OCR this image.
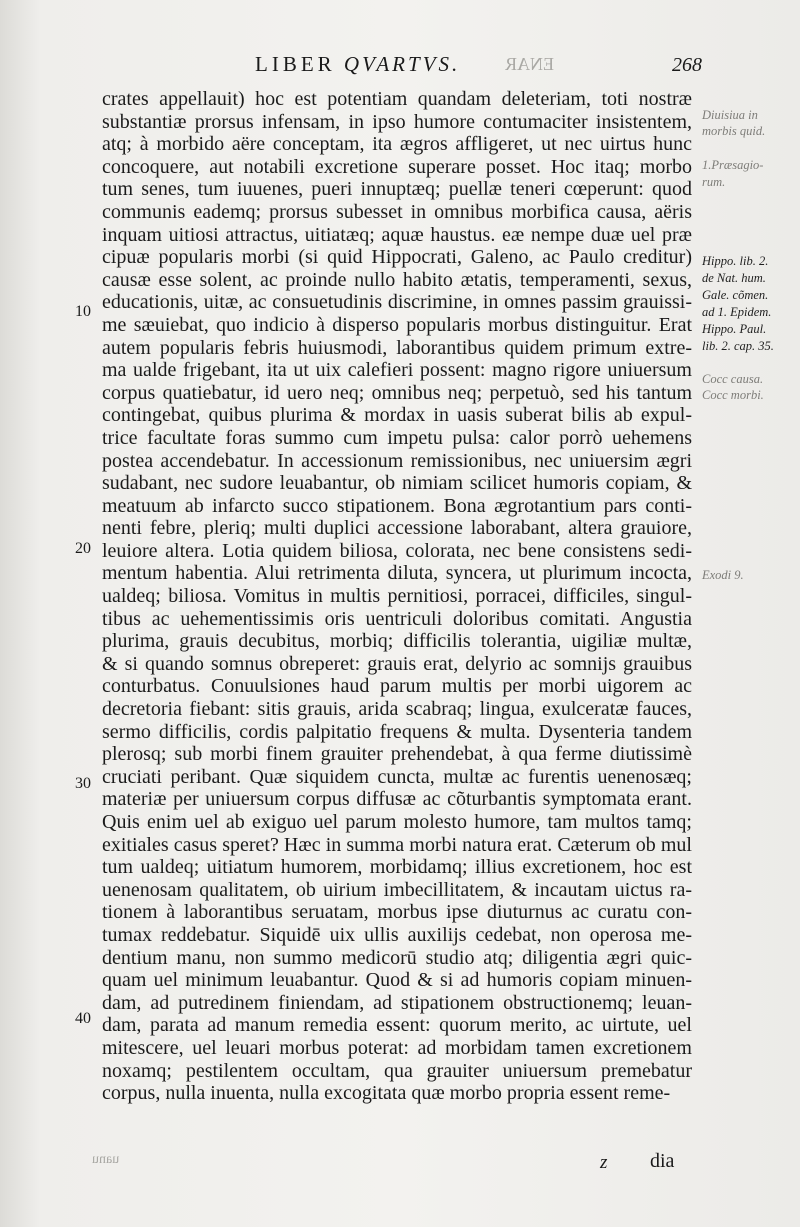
ENAR
uanu
LIBER QVARTVS.	268
crates appellauit) hoc est potentiam quandam deleteriam, toti nostræ
substantiæ prorsus infensam, in ipso humore contumaciter insistentem,
atq; à morbido aëre conceptam, ita ægros affligeret, ut nec uirtus hunc
concoquere, aut notabili excretione superare posset. Hoc itaq; morbo
tum senes, tum iuuenes, pueri innuptæq; puellæ teneri cœperunt: quod
communis eademq; prorsus subesset in omnibus morbifica causa, aëris
inquam uitiosi attractus, uitiatæq; aquæ haustus. eæ nempe duæ uel præ
cipuæ popularis morbi (si quid Hippocrati, Galeno, ac Paulo creditur)
causæ esse solent, ac proinde nullo habito ætatis, temperamenti, sexus,
educationis, uitæ, ac consuetudinis discrimine, in omnes passim grauissi-
me sæuiebat, quo indicio à disperso popularis morbus distinguitur. Erat
autem popularis febris huiusmodi, laborantibus quidem primum extre-
ma ualde frigebant, ita ut uix calefieri possent: magno rigore uniuersum
corpus quatiebatur, id uero neq; omnibus neq; perpetuò, sed his tantum
contingebat, quibus plurima & mordax in uasis suberat bilis ab expul-
trice facultate foras summo cum impetu pulsa: calor porrò uehemens
postea accendebatur. In accessionum remissionibus, nec uniuersim ægri
sudabant, nec sudore leuabantur, ob nimiam scilicet humoris copiam, &
meatuum ab infarcto succo stipationem. Bona ægrotantium pars conti-
nenti febre, pleriq; multi duplici accessione laborabant, altera grauiore,
leuiore altera. Lotia quidem biliosa, colorata, nec bene consistens sedi-
mentum habentia. Alui retrimenta diluta, syncera, ut plurimum incocta,
ualdeq; biliosa. Vomitus in multis pernitiosi, porracei, difficiles, singul-
tibus ac uehementissimis oris uentriculi doloribus comitati. Angustia
plurima, grauis decubitus, morbiq; difficilis tolerantia, uigiliæ multæ,
& si quando somnus obreperet: grauis erat, delyrio ac somnijs grauibus
conturbatus. Conuulsiones haud parum multis per morbi uigorem ac
decretoria fiebant: sitis grauis, arida scabraq; lingua, exulceratæ fauces,
sermo difficilis, cordis palpitatio frequens & multa. Dysenteria tandem
plerosq; sub morbi finem grauiter prehendebat, à qua ferme diutissimè
cruciati peribant. Quæ siquidem cuncta, multæ ac furentis uenenosæq;
materiæ per uniuersum corpus diffusæ ac cõturbantis symptomata erant.
Quis enim uel ab exiguo uel parum molesto humore, tam multos tamq;
exitiales casus speret? Hæc in summa morbi natura erat. Cæterum ob mul
tum ualdeq; uitiatum humorem, morbidamq; illius excretionem, hoc est
uenenosam qualitatem, ob uirium imbecillitatem, & incautam uictus ra-
tionem à laborantibus seruatam, morbus ipse diuturnus ac curatu con-
tumax reddebatur. Siquidē uix ullis auxilijs cedebat, non operosa me-
dentium manu, non summo medicorū studio atq; diligentia ægri quic-
quam uel minimum leuabantur. Quod & si ad humoris copiam minuen-
dam, ad putredinem finiendam, ad stipationem obstructionemq; leuan-
dam, parata ad manum remedia essent: quorum merito, ac uirtute, uel
mitescere, uel leuari morbus poterat: ad morbidam tamen excretionem
noxamq; pestilentem occultam, qua grauiter uniuersum premebatur
corpus, nulla inuenta, nulla excogitata quæ morbo propria essent reme-
10
20
30
40
Diuisiua in
morbis quid.
1.Præsagio-
rum.
Hippo. lib. 2.
de Nat. hum.
Gale. cõmen.
ad 1. Epidem.
Hippo. Paul.
lib. 2. cap. 35.
Cocc causa.
Cocc morbi.
Exodi 9.
z dia
